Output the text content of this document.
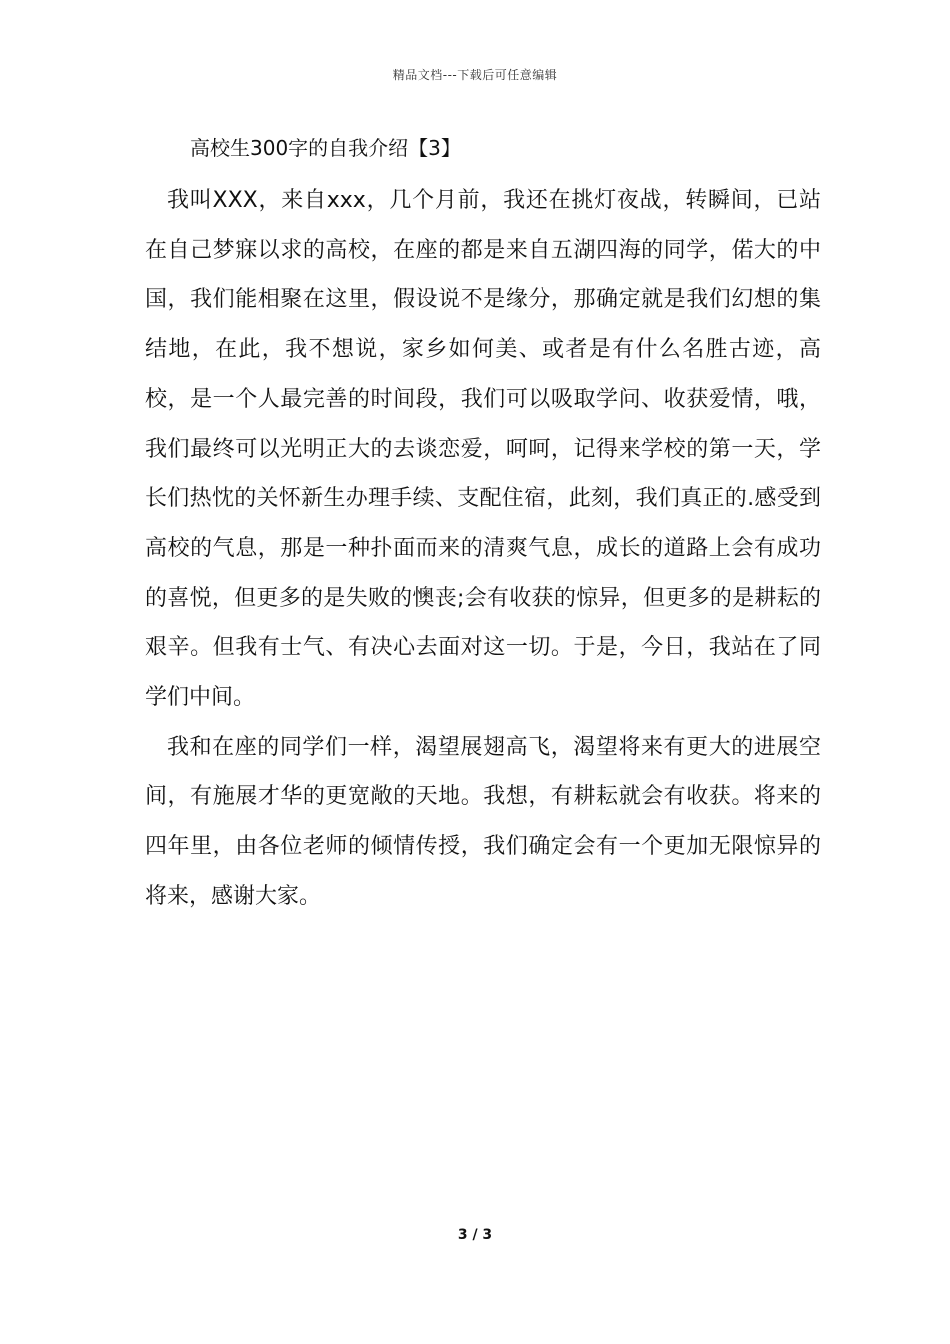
精品文档---下载后可任意编辑
高校生300字的自我介绍【3】

我叫XXX，来自xxx，几个月前，我还在挑灯夜战，转瞬间，已站在自己梦寐以求的高校，在座的都是来自五湖四海的同学，偌大的中国，我们能相聚在这里，假设说不是缘分，那确定就是我们幻想的集结地，在此，我不想说，家乡如何美、或者是有什么名胜古迹，高校，是一个人最完善的时间段，我们可以吸取学问、收获爱情，哦，我们最终可以光明正大的去谈恋爱，呵呵，记得来学校的第一天，学长们热忱的关怀新生办理手续、支配住宿，此刻，我们真正的.感受到高校的气息，那是一种扑面而来的清爽气息，成长的道路上会有成功的喜悦，但更多的是失败的懊丧;会有收获的惊异，但更多的是耕耘的艰辛。但我有士气、有决心去面对这一切。于是，今日，我站在了同学们中间。

我和在座的同学们一样，渴望展翅高飞，渴望将来有更大的进展空间，有施展才华的更宽敞的天地。我想，有耕耘就会有收获。将来的四年里，由各位老师的倾情传授，我们确定会有一个更加无限惊异的将来，感谢大家。

3 / 3
